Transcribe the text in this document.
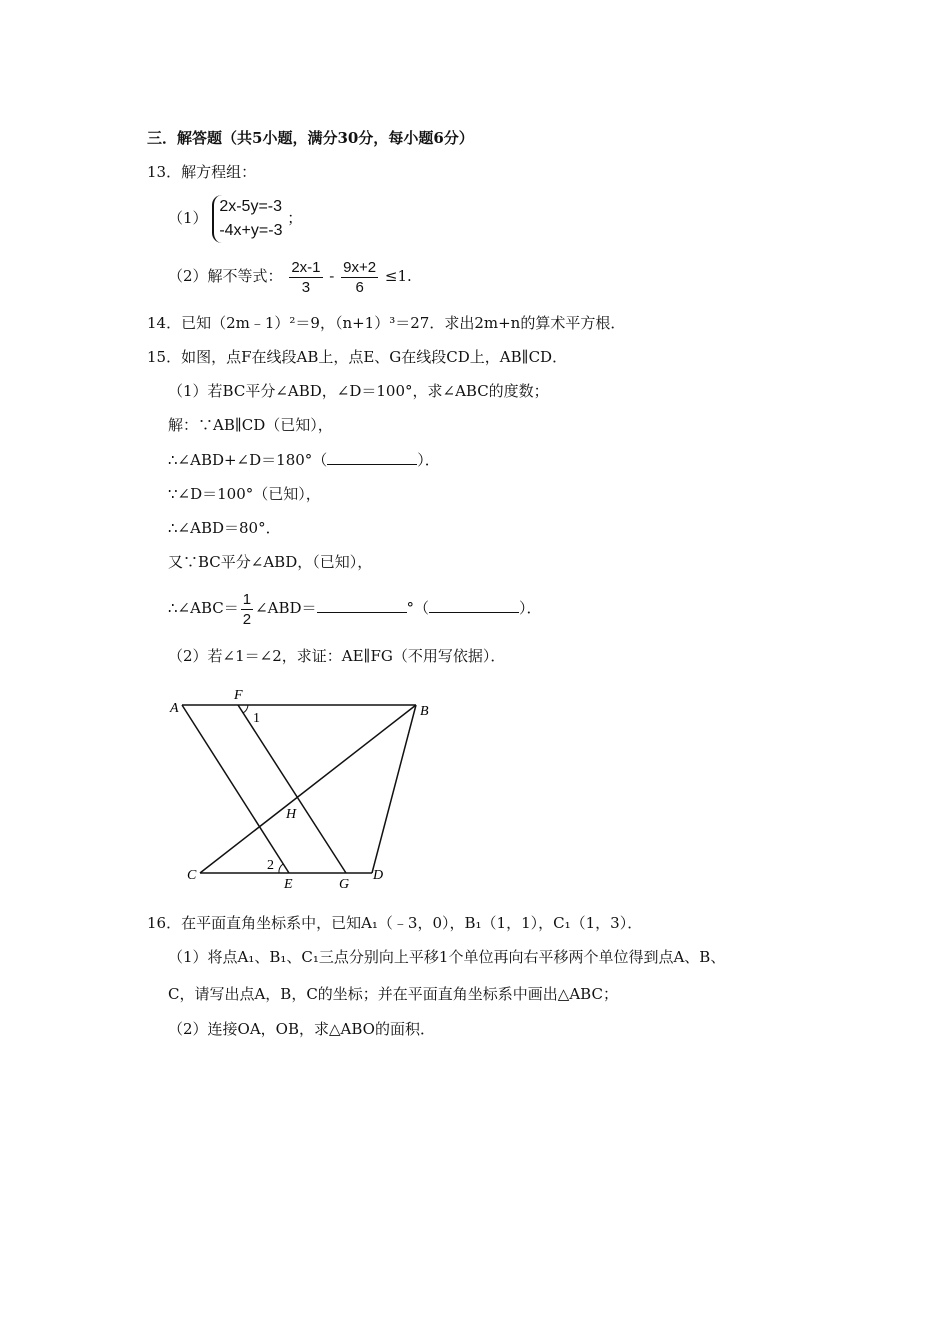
三．解答题（共5小题，满分30分，每小题6分）
13．解方程组：
（1）
2x-5y=-3
-4x+y=-3
；
（2）解不等式： $\frac{2x-1}{3} - \frac{9x+2}{6} \le 1$.
14．已知（2m﹣1）²＝9，（n+1）³＝27．求出2m+n的算术平方根．
15．如图，点F在线段AB上，点E、G在线段CD上，AB∥CD．
（1）若BC平分∠ABD，∠D＝100°，求∠ABC的度数；
解：∵AB∥CD（已知），
∴∠ABD+∠D＝180°（	）．
∵∠D＝100°（已知），
∴∠ABD＝80°．
又∵BC平分∠ABD，（已知），
∴∠ABC＝ $\frac{1}{2}$ ∠ABD＝	°（	）．
（2）若∠1＝∠2，求证：AE∥FG（不用写依据）．
A
F
B
1
H
C
2
E	G
D
16．在平面直角坐标系中，已知A₁（﹣3，0），B₁（1，1），C₁（1，3）．
（1）将点A₁、B₁、C₁三点分别向上平移1个单位再向右平移两个单位得到点A、B、
C，请写出点A，B，C的坐标；并在平面直角坐标系中画出△ABC；
（2）连接OA，OB，求△ABO的面积．
